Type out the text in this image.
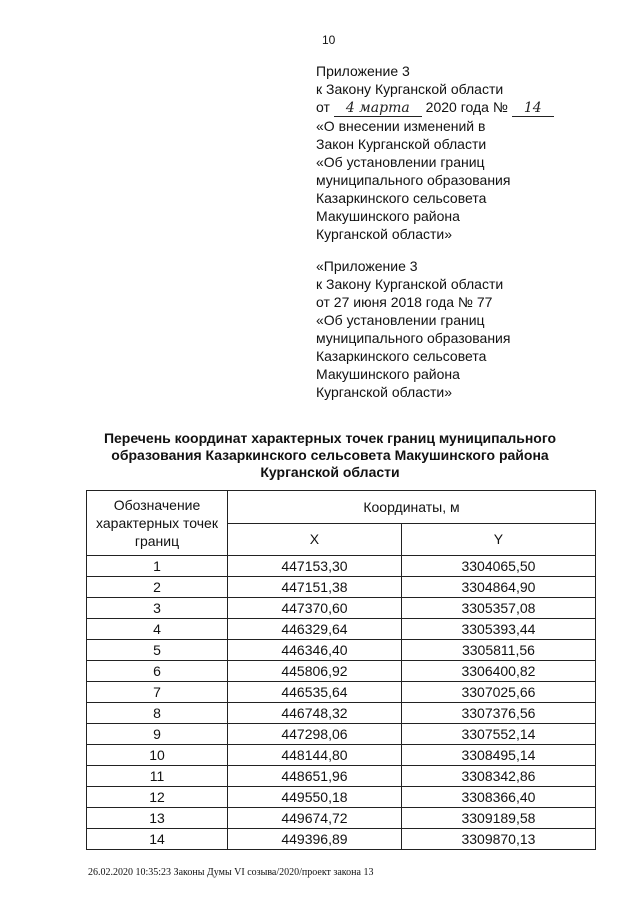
10
Приложение 3
к Закону Курганской области
от 4 марта 2020 года № 14
«О внесении изменений в
Закон Курганской области
«Об установлении границ
муниципального образования
Казаркинского сельсовета
Макушинского района
Курганской области»
«Приложение 3
к Закону Курганской области
от 27 июня 2018 года № 77
«Об установлении границ
муниципального образования
Казаркинского сельсовета
Макушинского района
Курганской области»
Перечень координат характерных точек границ муниципального
образования Казаркинского сельсовета Макушинского района
Курганской области
Обозначение
характерных точек
границ	Координаты, м	
	X	Y
1	447153,30	3304065,50
2	447151,38	3304864,90
3	447370,60	3305357,08
4	446329,64	3305393,44
5	446346,40	3305811,56
6	445806,92	3306400,82
7	446535,64	3307025,66
8	446748,32	3307376,56
9	447298,06	3307552,14
10	448144,80	3308495,14
11	448651,96	3308342,86
12	449550,18	3308366,40
13	449674,72	3309189,58
14	449396,89	3309870,13
26.02.2020 10:35:23 Законы Думы VI созыва/2020/проект закона 13
